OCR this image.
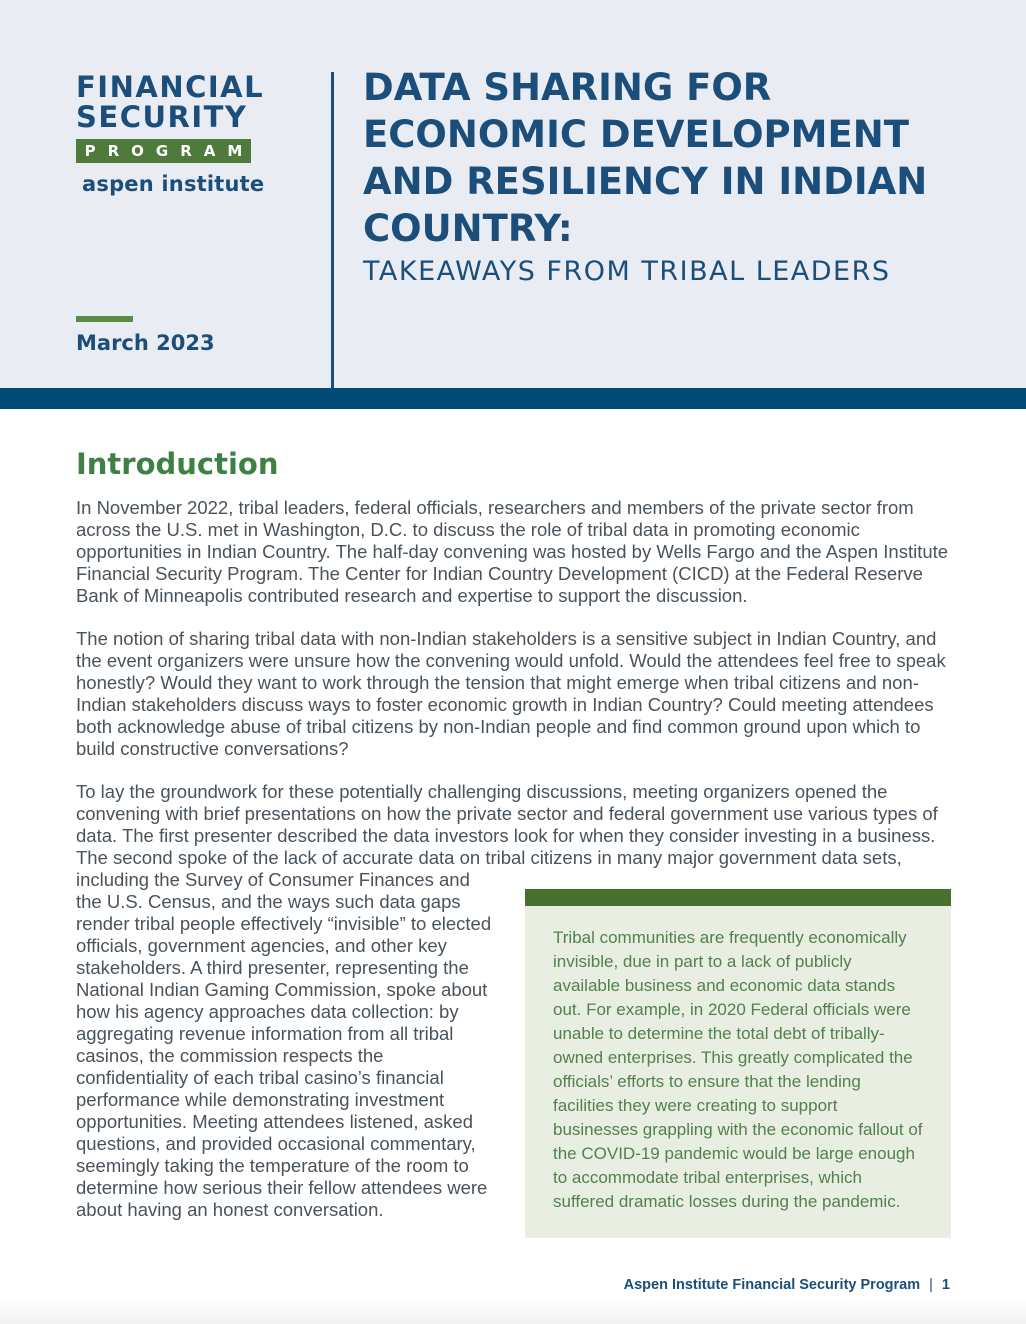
FINANCIAL
SECURITY
PROGRAM
aspen institute
March 2023
DATA SHARING FOR
ECONOMIC DEVELOPMENT
AND RESILIENCY IN INDIAN
COUNTRY:
TAKEAWAYS FROM TRIBAL LEADERS
Introduction

In November 2022, tribal leaders, federal officials, researchers and members of the private sector from across the U.S. met in Washington, D.C. to discuss the role of tribal data in promoting economic opportunities in Indian Country. The half-day convening was hosted by Wells Fargo and the Aspen Institute Financial Security Program. The Center for Indian Country Development (CICD) at the Federal Reserve Bank of Minneapolis contributed research and expertise to support the discussion.

The notion of sharing tribal data with non-Indian stakeholders is a sensitive subject in Indian Country, and the event organizers were unsure how the convening would unfold. Would the attendees feel free to speak honestly? Would they want to work through the tension that might emerge when tribal citizens and non-Indian stakeholders discuss ways to foster economic growth in Indian Country? Could meeting attendees both acknowledge abuse of tribal citizens by non-Indian people and find common ground upon which to build constructive conversations?

Tribal communities are frequently economically invisible, due in part to a lack of publicly available business and economic data stands out. For example, in 2020 Federal officials were unable to determine the total debt of tribally-owned enterprises. This greatly complicated the officials’ efforts to ensure that the lending facilities they were creating to support businesses grappling with the economic fallout of the COVID-19 pandemic would be large enough to accommodate tribal enterprises, which suffered dramatic losses during the pandemic.

To lay the groundwork for these potentially challenging discussions, meeting organizers opened the convening with brief presentations on how the private sector and federal government use various types of data. The first presenter described the data investors look for when they consider investing in a business. The second spoke of the lack of accurate data on tribal citizens in many major government data sets, including the Survey of Consumer Finances and the U.S. Census, and the ways such data gaps render tribal people effectively “invisible” to elected officials, government agencies, and other key stakeholders. A third presenter, representing the National Indian Gaming Commission, spoke about how his agency approaches data collection: by aggregating revenue information from all tribal casinos, the commission respects the confidentiality of each tribal casino’s financial performance while demonstrating investment opportunities. Meeting attendees listened, asked questions, and provided occasional commentary, seemingly taking the temperature of the room to determine how serious their fellow attendees were about having an honest conversation.

Aspen Institute Financial Security Program | 1
